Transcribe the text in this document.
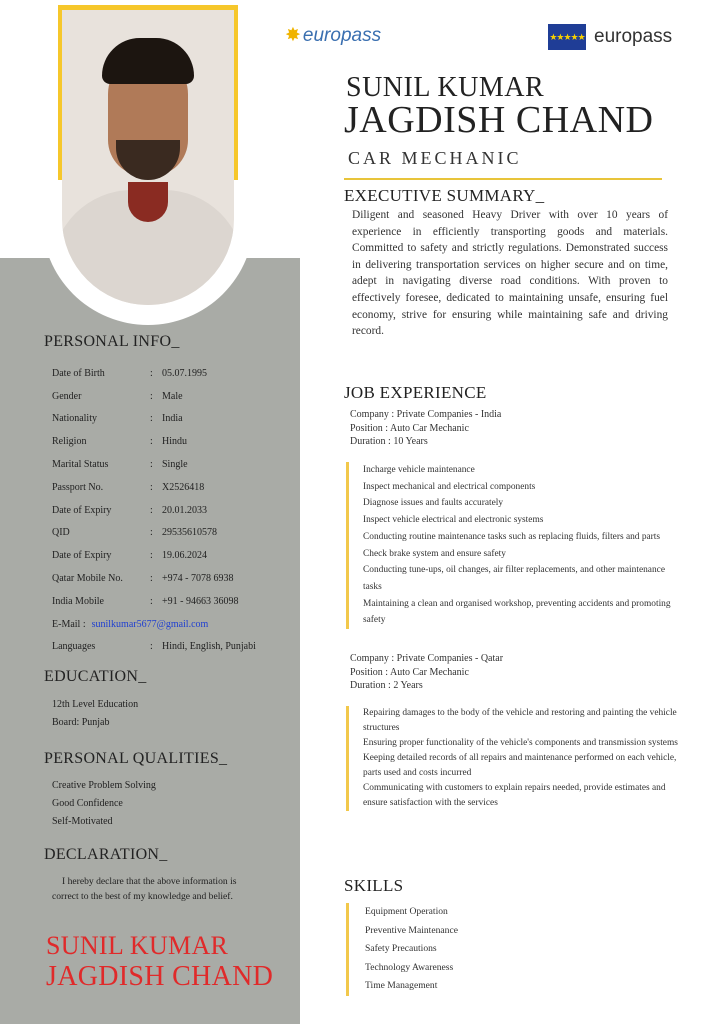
✸ europass	★★★★★ europass
SUNIL KUMAR
JAGDISH CHAND
CAR MECHANIC
EXECUTIVE SUMMARY_
Diligent and seasoned Heavy Driver with over 10 years of experience in efficiently transporting goods and materials. Committed to safety and strictly regulations. Demonstrated success in delivering transportation services on higher secure and on time, adept in navigating diverse road conditions. With proven to effectively foresee, dedicated to maintaining unsafe, ensuring fuel economy, strive for ensuring while maintaining safe and driving record.
JOB EXPERIENCE
Company : Private Companies - India
Position : Auto Car Mechanic
Duration : 10 Years
Incharge vehicle maintenance
Inspect mechanical and electrical components
Diagnose issues and faults accurately
Inspect vehicle electrical and electronic systems
Conducting routine maintenance tasks such as replacing fluids, filters and parts
Check brake system and ensure safety
Conducting tune-ups, oil changes, air filter replacements, and other maintenance tasks
Maintaining a clean and organised workshop, preventing accidents and promoting safety
Company : Private Companies - Qatar
Position : Auto Car Mechanic
Duration : 2 Years
Repairing damages to the body of the vehicle and restoring and painting the vehicle structures
Ensuring proper functionality of the vehicle's components and transmission systems
Keeping detailed records of all repairs and maintenance performed on each vehicle, parts used and costs incurred
Communicating with customers to explain repairs needed, provide estimates and ensure satisfaction with the services
SKILLS
Equipment Operation
Preventive Maintenance
Safety Precautions
Technology Awareness
Time Management
PERSONAL INFO_
Date of Birth	: 05.07.1995
Gender	: Male
Nationality	: India
Religion	: Hindu
Marital Status	: Single
Passport No.	: X2526418
Date of Expiry	: 20.01.2033
QID	: 29535610578
Date of Expiry	: 19.06.2024
Qatar Mobile No.	: +974 - 7078 6938
India Mobile	: +91 - 94663 36098
E-Mail : sunilkumar5677@gmail.com
Languages	: Hindi, English, Punjabi
EDUCATION_
12th Level Education
Board: Punjab
PERSONAL QUALITIES_
Creative Problem Solving
Good Confidence
Self-Motivated
DECLARATION_
I hereby declare that the above information is correct to the best of my knowledge and belief.
SUNIL KUMAR
JAGDISH CHAND
